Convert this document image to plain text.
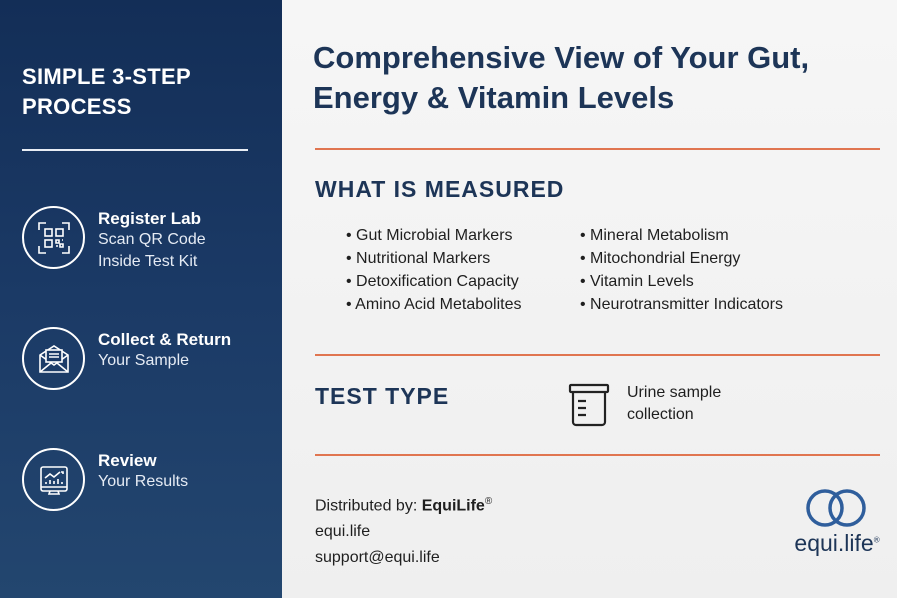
SIMPLE 3-STEP PROCESS
Register Lab
Scan QR Code
Inside Test Kit
Collect & Return
Your Sample
Review
Your Results
Comprehensive View of Your Gut, Energy & Vitamin Levels
WHAT IS MEASURED
• Gut Microbial Markers
• Nutritional Markers
• Detoxification Capacity
• Amino Acid Metabolites
• Mineral Metabolism
• Mitochondrial Energy
• Vitamin Levels
• Neurotransmitter Indicators
TEST TYPE	Urine sample
collection
Distributed by: EquiLife®
equi.life
support@equi.life
equi.life®
